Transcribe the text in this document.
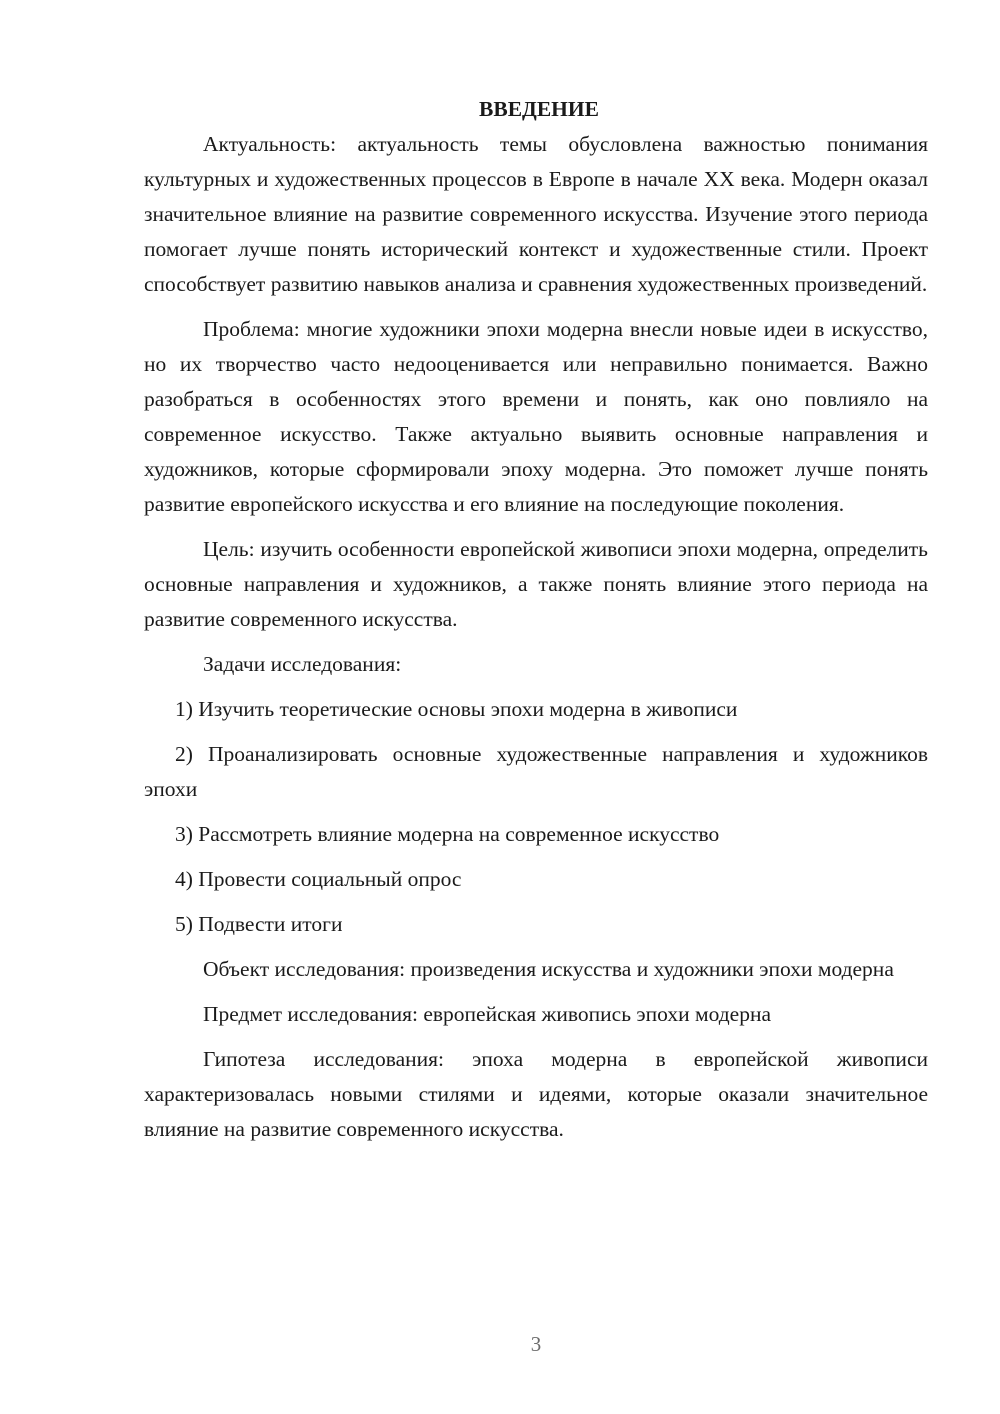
ВВЕДЕНИЕ

Актуальность: актуальность темы обусловлена важностью понимания культурных и художественных процессов в Европе в начале XX века. Модерн оказал значительное влияние на развитие современного искусства. Изучение этого периода помогает лучше понять исторический контекст и художественные стили. Проект способствует развитию навыков анализа и сравнения художественных произведений.

Проблема: многие художники эпохи модерна внесли новые идеи в искусство, но их творчество часто недооценивается или неправильно понимается. Важно разобраться в особенностях этого времени и понять, как оно повлияло на современное искусство. Также актуально выявить основные направления и художников, которые сформировали эпоху модерна. Это поможет лучше понять развитие европейского искусства и его влияние на последующие поколения.

Цель: изучить особенности европейской живописи эпохи модерна, определить основные направления и художников, а также понять влияние этого периода на развитие современного искусства.

Задачи исследования:

1) Изучить теоретические основы эпохи модерна в живописи

2) Проанализировать основные художественные направления и художников эпохи

3) Рассмотреть влияние модерна на современное искусство

4) Провести социальный опрос

5) Подвести итоги

Объект исследования: произведения искусства и художники эпохи модерна

Предмет исследования: европейская живопись эпохи модерна

Гипотеза исследования: эпоха модерна в европейской живописи характеризовалась новыми стилями и идеями, которые оказали значительное влияние на развитие современного искусства.

3
